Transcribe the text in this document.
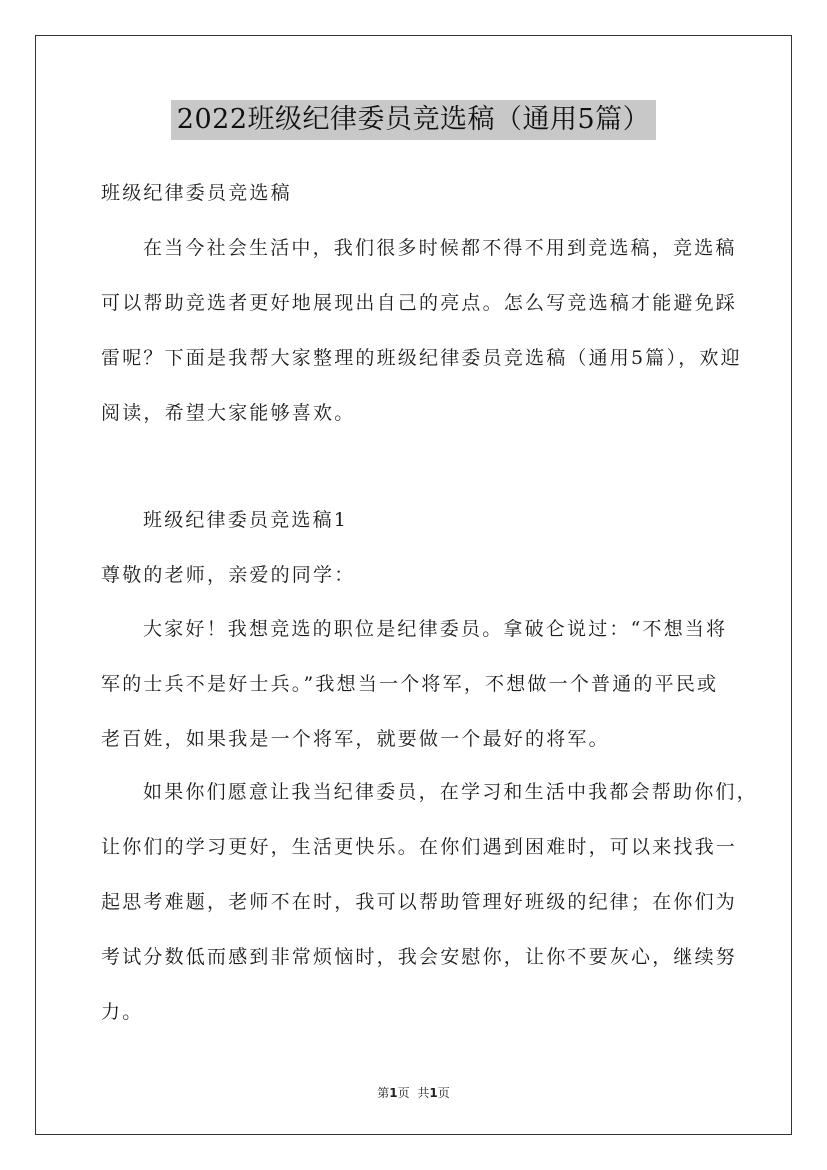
2022班级纪律委员竞选稿（通用5篇）
班级纪律委员竞选稿
在当今社会生活中，我们很多时候都不得不用到竞选稿，竞选稿
可以帮助竞选者更好地展现出自己的亮点。怎么写竞选稿才能避免踩
雷呢？下面是我帮大家整理的班级纪律委员竞选稿（通用5篇），欢迎
阅读，希望大家能够喜欢。
班级纪律委员竞选稿1
尊敬的老师，亲爱的同学：
大家好！我想竞选的职位是纪律委员。拿破仑说过：“不想当将
军的士兵不是好士兵。”我想当一个将军，不想做一个普通的平民或
老百姓，如果我是一个将军，就要做一个最好的将军。
如果你们愿意让我当纪律委员，在学习和生活中我都会帮助你们，
让你们的学习更好，生活更快乐。在你们遇到困难时，可以来找我一
起思考难题，老师不在时，我可以帮助管理好班级的纪律；在你们为
考试分数低而感到非常烦恼时，我会安慰你，让你不要灰心，继续努
力。
第1页 共1页
